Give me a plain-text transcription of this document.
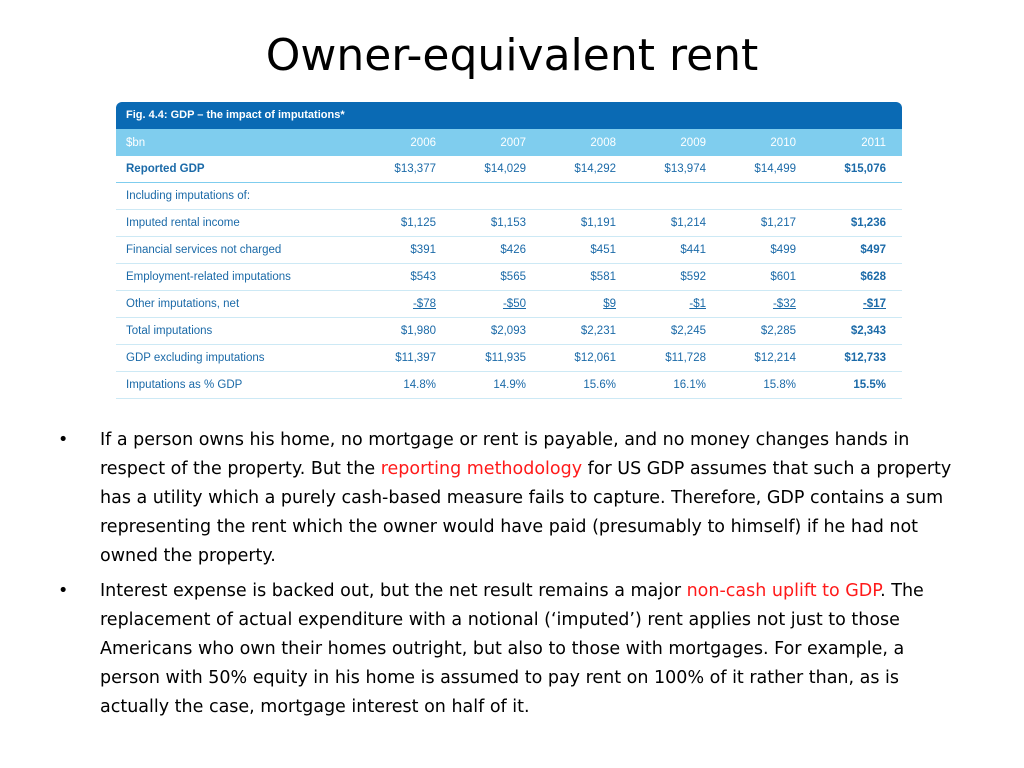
Owner-equivalent rent
Fig. 4.4: GDP – the impact of imputations*
$bn	2006	2007	2008	2009	2010	2011
Reported GDP	$13,377	$14,029	$14,292	$13,974	$14,499	$15,076
Including imputations of:						
Imputed rental income	$1,125	$1,153	$1,191	$1,214	$1,217	$1,236
Financial services not charged	$391	$426	$451	$441	$499	$497
Employment-related imputations	$543	$565	$581	$592	$601	$628
Other imputations, net	-$78	-$50	$9	-$1	-$32	-$17
Total imputations	$1,980	$2,093	$2,231	$2,245	$2,285	$2,343
GDP excluding imputations	$11,397	$11,935	$12,061	$11,728	$12,214	$12,733
Imputations as % GDP	14.8%	14.9%	15.6%	16.1%	15.8%	15.5%
• If a person owns his home, no mortgage or rent is payable, and no money changes hands in respect of the property. But the reporting methodology for US GDP assumes that such a property has a utility which a purely cash-based measure fails to capture. Therefore, GDP contains a sum representing the rent which the owner would have paid (presumably to himself) if he had not owned the property.
• Interest expense is backed out, but the net result remains a major non-cash uplift to GDP. The replacement of actual expenditure with a notional (‘imputed’) rent applies not just to those Americans who own their homes outright, but also to those with mortgages. For example, a person with 50% equity in his home is assumed to pay rent on 100% of it rather than, as is actually the case, mortgage interest on half of it.
